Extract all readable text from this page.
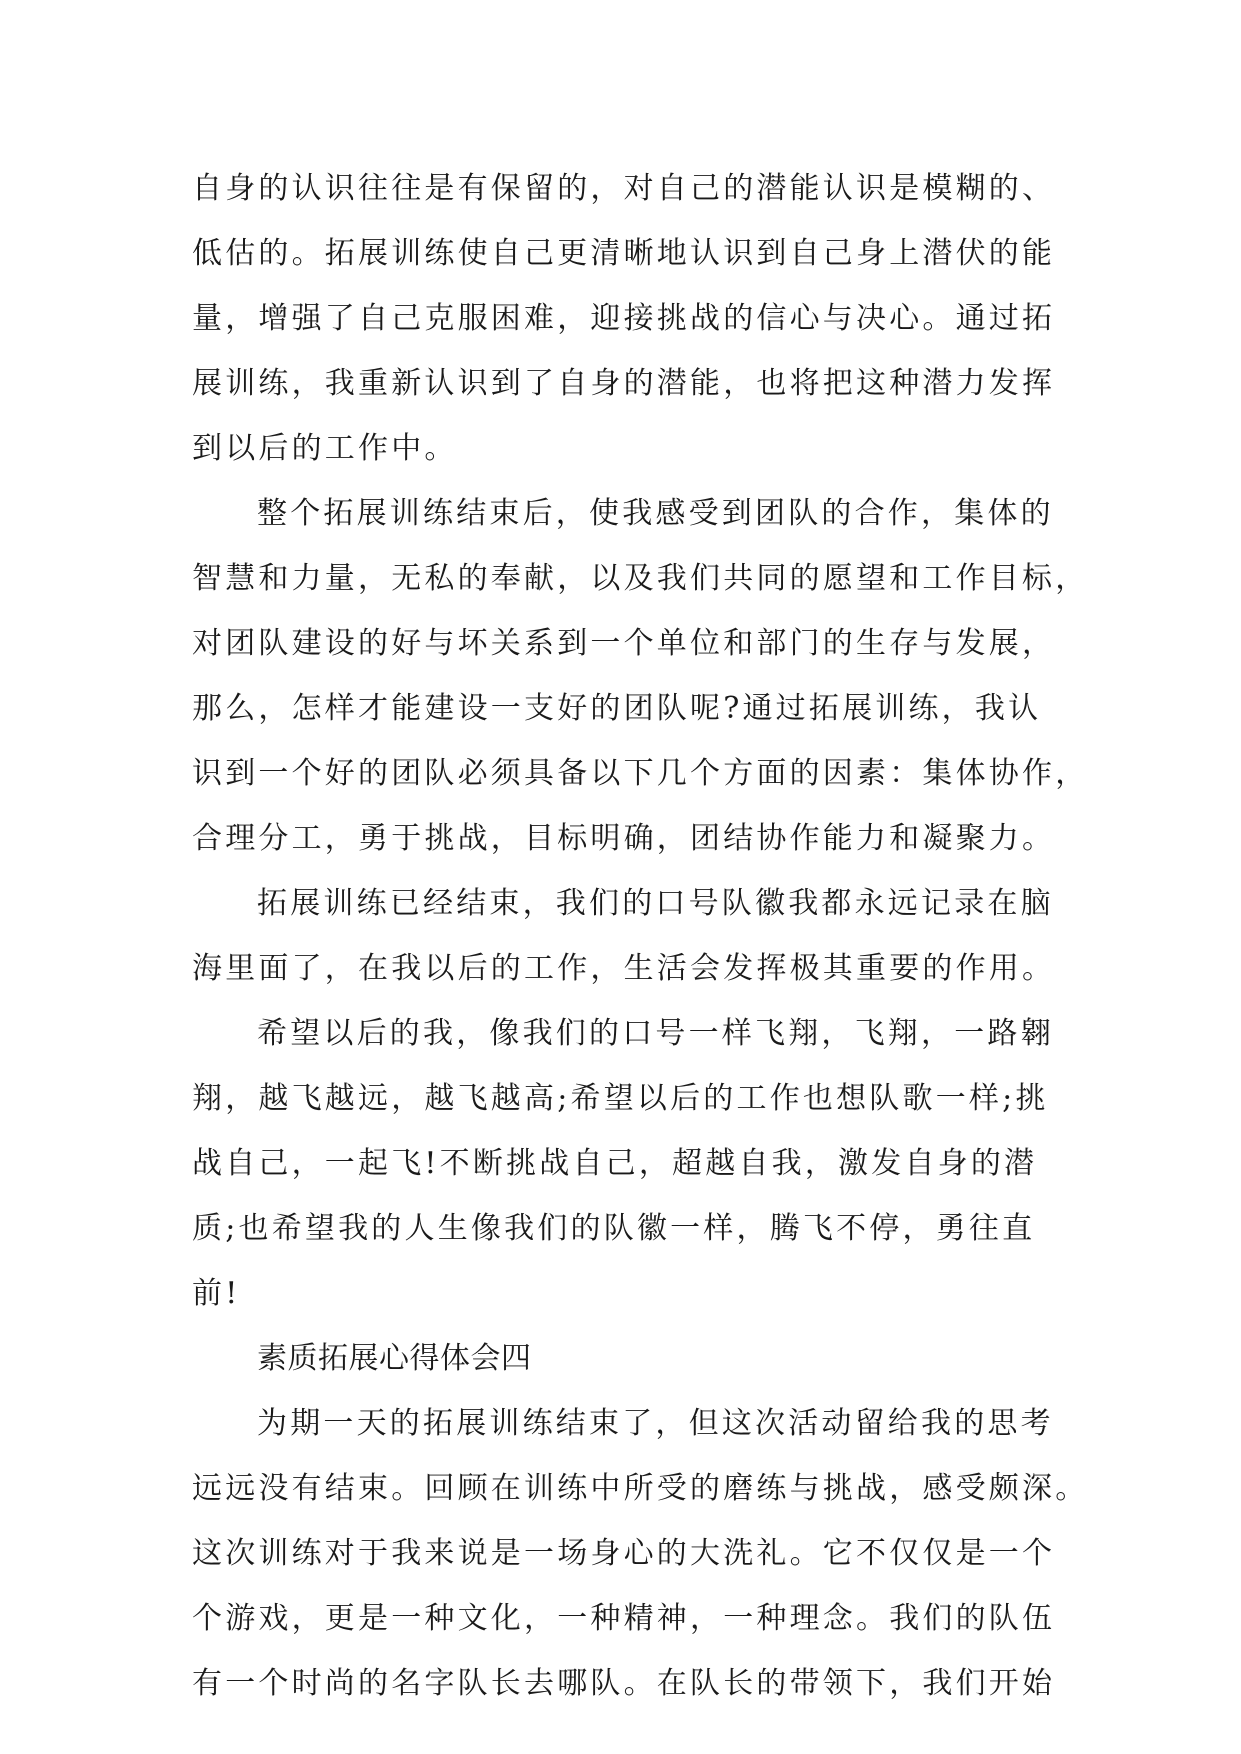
自身的认识往往是有保留的，对自己的潜能认识是模糊的、
低估的。拓展训练使自己更清晰地认识到自己身上潜伏的能
量，增强了自己克服困难，迎接挑战的信心与决心。通过拓
展训练，我重新认识到了自身的潜能，也将把这种潜力发挥
到以后的工作中。
整个拓展训练结束后，使我感受到团队的合作，集体的
智慧和力量，无私的奉献，以及我们共同的愿望和工作目标，
对团队建设的好与坏关系到一个单位和部门的生存与发展，
那么，怎样才能建设一支好的团队呢?通过拓展训练，我认
识到一个好的团队必须具备以下几个方面的因素：集体协作，
合理分工，勇于挑战，目标明确，团结协作能力和凝聚力。
拓展训练已经结束，我们的口号队徽我都永远记录在脑
海里面了，在我以后的工作，生活会发挥极其重要的作用。
希望以后的我，像我们的口号一样飞翔，飞翔，一路翱
翔，越飞越远，越飞越高;希望以后的工作也想队歌一样;挑
战自己，一起飞!不断挑战自己，超越自我，激发自身的潜
质;也希望我的人生像我们的队徽一样，腾飞不停，勇往直
前!
素质拓展心得体会四
为期一天的拓展训练结束了，但这次活动留给我的思考
远远没有结束。回顾在训练中所受的磨练与挑战，感受颇深。
这次训练对于我来说是一场身心的大洗礼。它不仅仅是一个
个游戏，更是一种文化，一种精神，一种理念。我们的队伍
有一个时尚的名字队长去哪队。在队长的带领下，我们开始
